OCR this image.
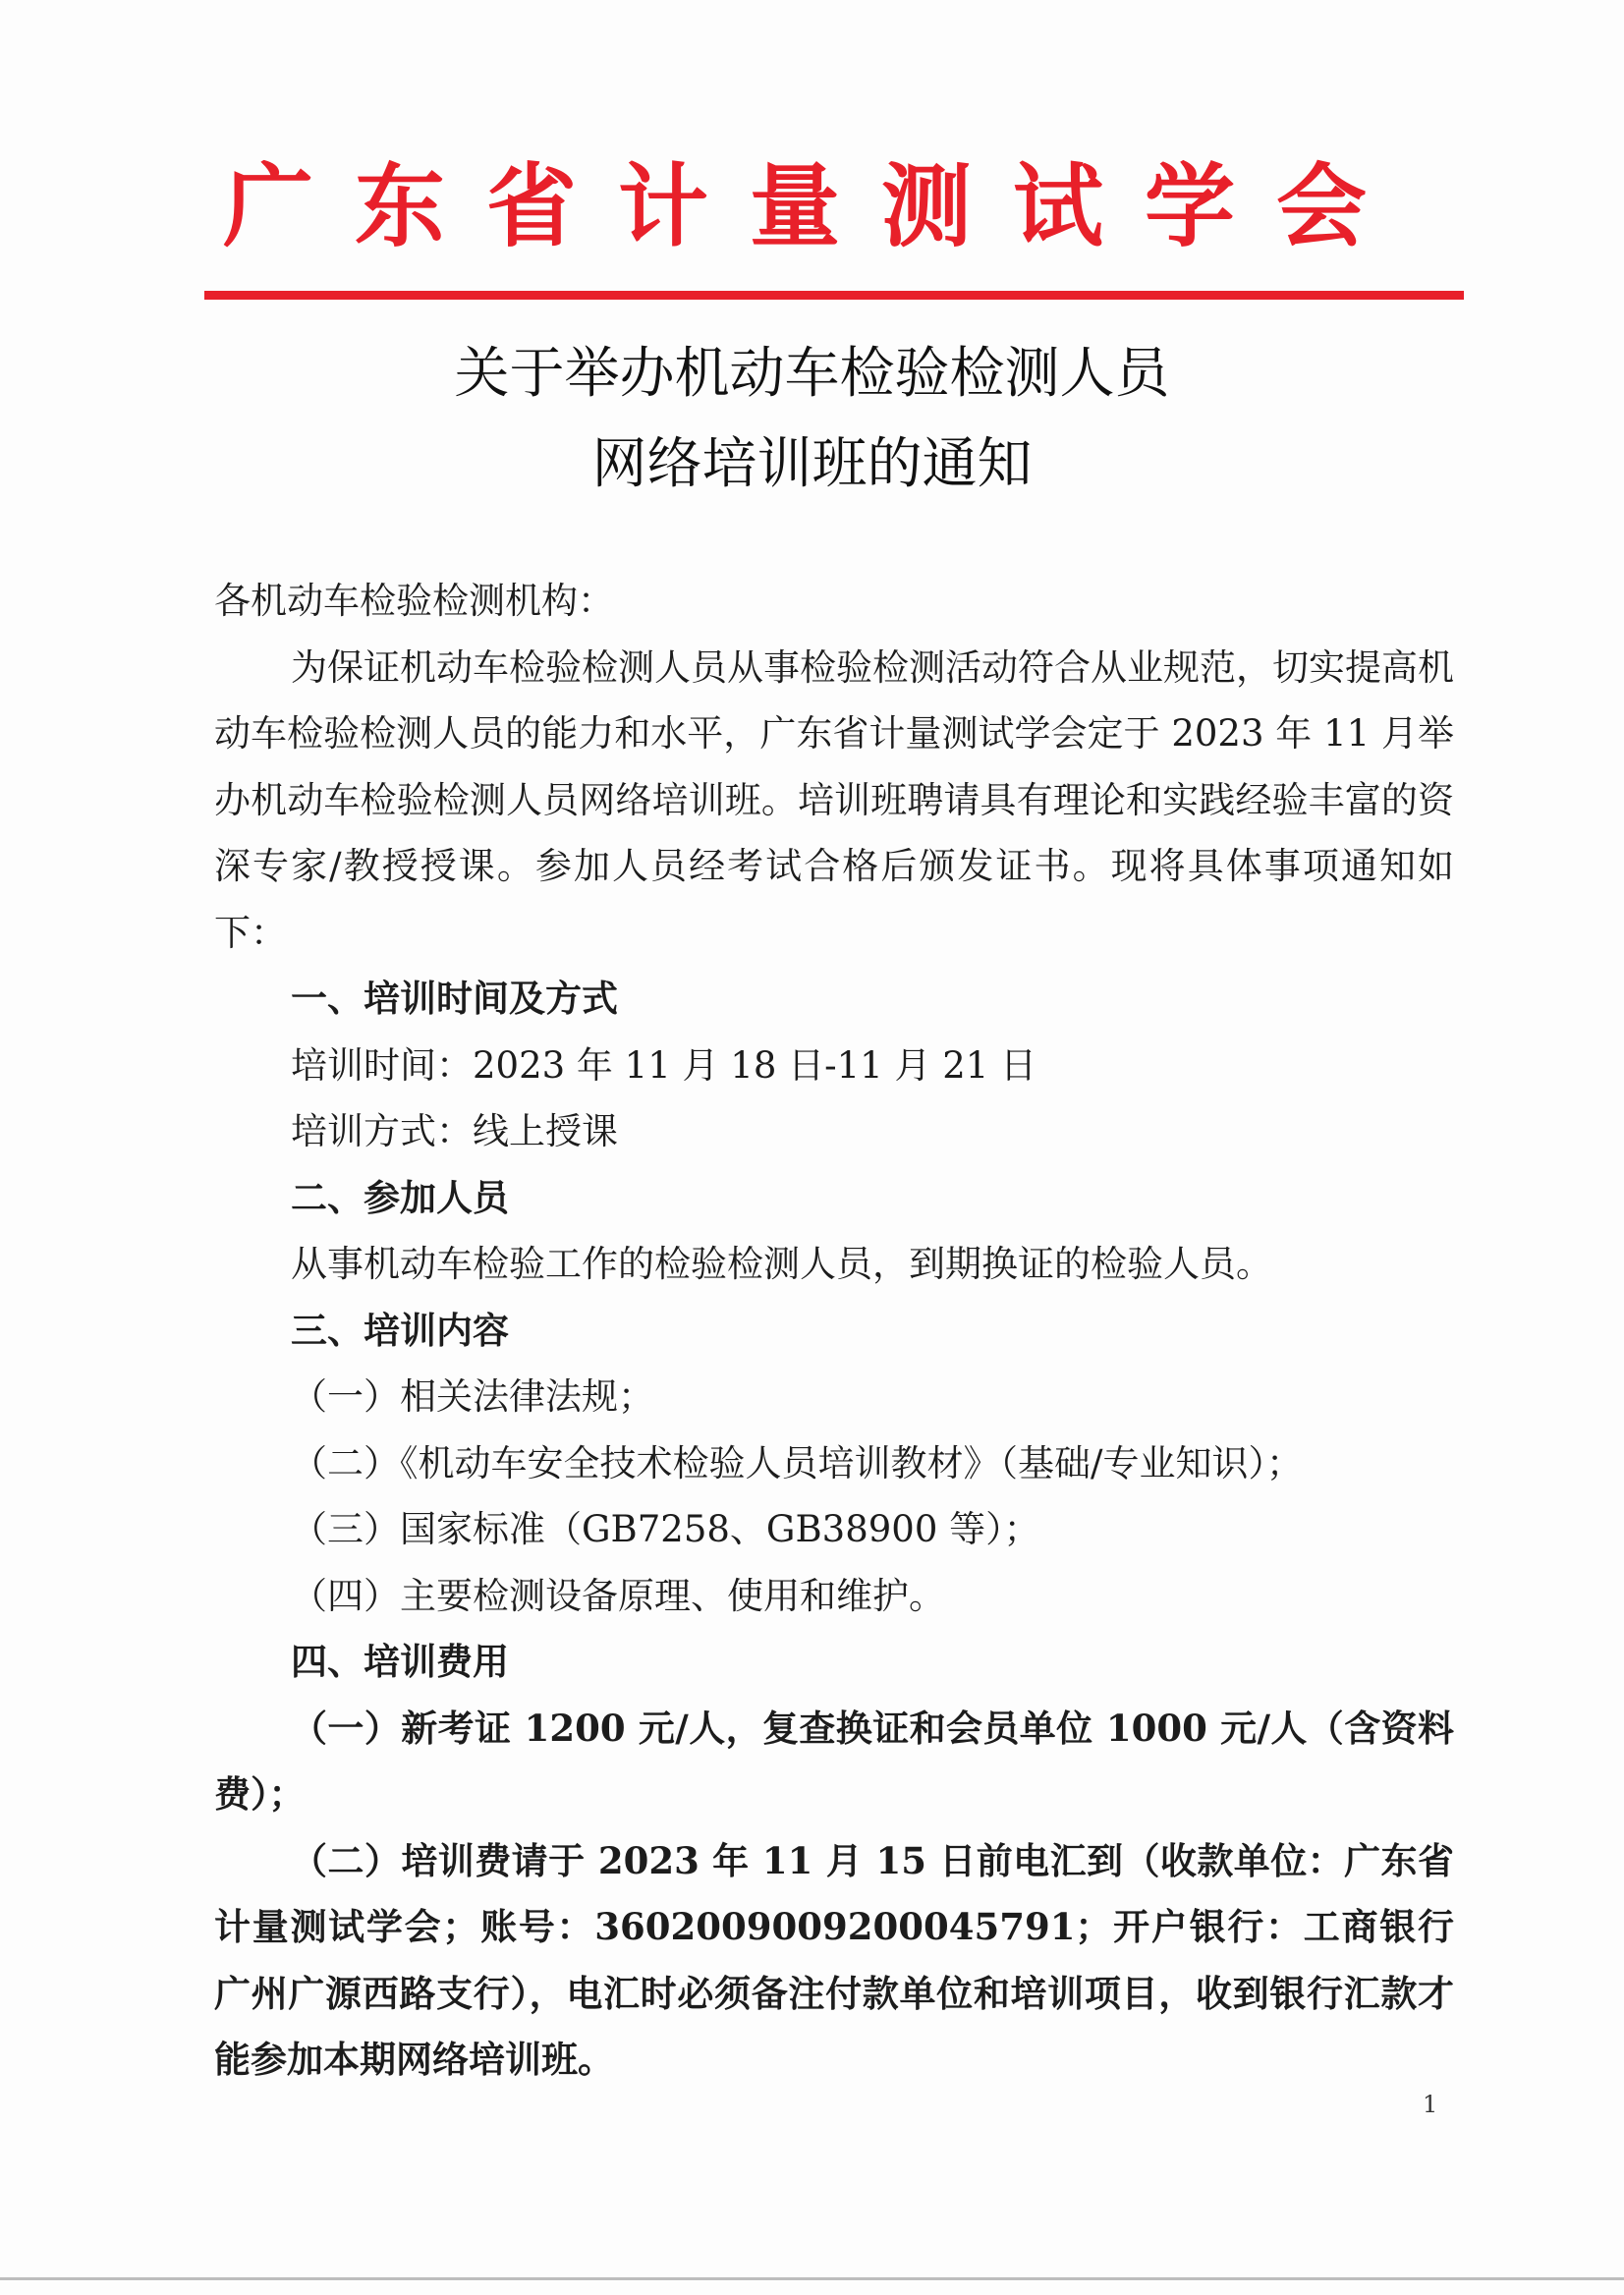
广东省计量测试学会
关于举办机动车检验检测人员
网络培训班的通知

各机动车检验检测机构：

为保证机动车检验检测人员从事检验检测活动符合从业规范，切实提高机动车检验检测人员的能力和水平，广东省计量测试学会定于 2023 年 11 月举办机动车检验检测人员网络培训班。培训班聘请具有理论和实践经验丰富的资深专家/教授授课。参加人员经考试合格后颁发证书。现将具体事项通知如下：

一、培训时间及方式

培训时间：2023 年 11 月 18 日-11 月 21 日

培训方式：线上授课

二、参加人员

从事机动车检验工作的检验检测人员，到期换证的检验人员。

三、培训内容

（一）相关法律法规；

（二）《机动车安全技术检验人员培训教材》（基础/专业知识）；

（三）国家标准（GB7258、GB38900 等）；

（四）主要检测设备原理、使用和维护。

四、培训费用

（一）新考证 1200 元/人，复查换证和会员单位 1000 元/人（含资料费）；

（二）培训费请于 2023 年 11 月 15 日前电汇到（收款单位：广东省计量测试学会；账号：3602009009200045791；开户银行：工商银行广州广源西路支行），电汇时必须备注付款单位和培训项目，收到银行汇款才能参加本期网络培训班。

1
